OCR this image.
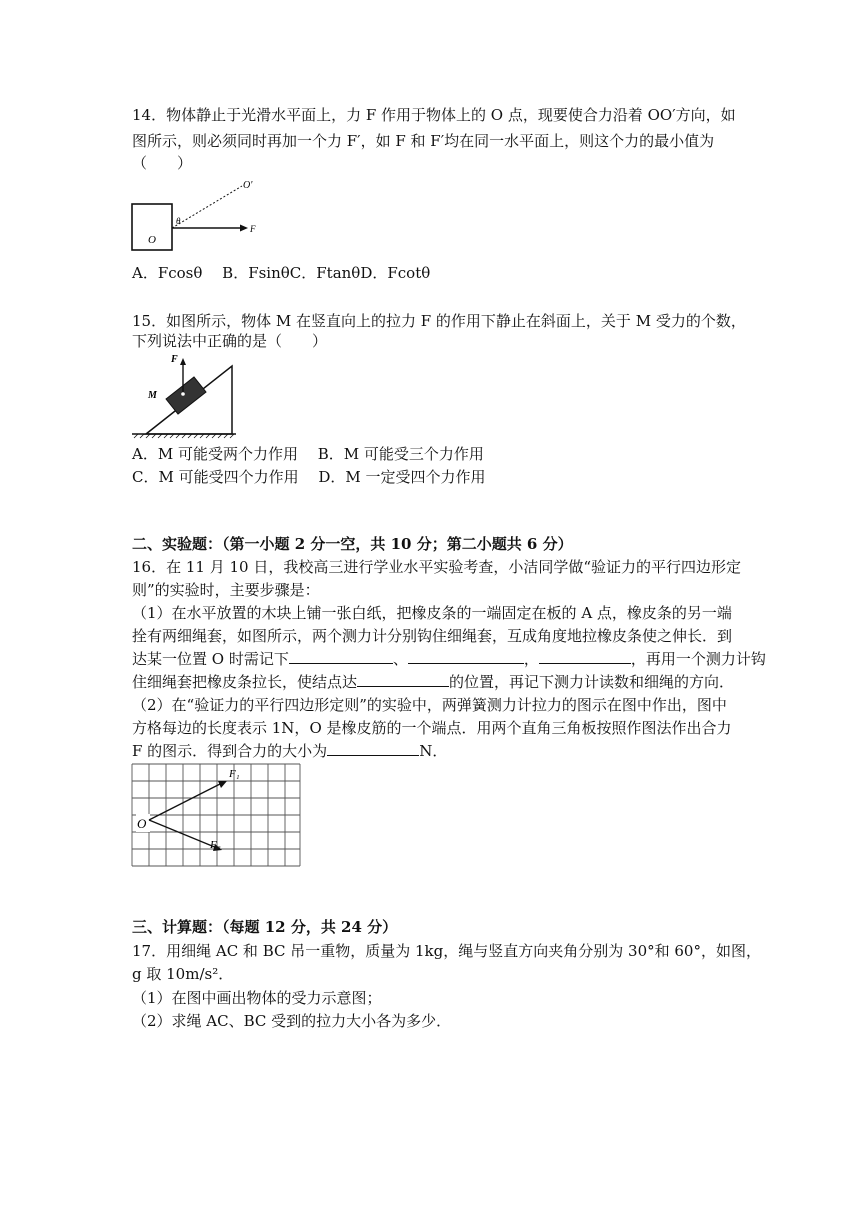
14．物体静止于光滑水平面上，力 F 作用于物体上的 O 点，现要使合力沿着 OO′方向，如
图所示，则必须同时再加一个力 F′，如 F 和 F′均在同一水平面上，则这个力的最小值为
（　　）
O
O'
θ
F
A．Fcosθ　 B．FsinθC．FtanθD．Fcotθ
15．如图所示，物体 M 在竖直向上的拉力 F 的作用下静止在斜面上，关于 M 受力的个数，
下列说法中正确的是（　　）
F
M
A．M 可能受两个力作用　 B．M 可能受三个力作用
C．M 可能受四个力作用　 D．M 一定受四个力作用
二、实验题：（第一小题 2 分一空，共 10 分；第二小题共 6 分）
16．在 11 月 10 日，我校高三进行学业水平实验考查，小洁同学做“验证力的平行四边形定
则”的实验时，主要步骤是：
（1）在水平放置的木块上铺一张白纸，把橡皮条的一端固定在板的 A 点，橡皮条的另一端
拴有两细绳套，如图所示，两个测力计分别钩住细绳套，互成角度地拉橡皮条使之伸长．到
达某一位置 O 时需记下	、	，	，再用一个测力计钩
住细绳套把橡皮条拉长，使结点达	的位置，再记下测力计读数和细绳的方向．
（2）在“验证力的平行四边形定则”的实验中，两弹簧测力计拉力的图示在图中作出，图中
方格每边的长度表示 1N，O 是橡皮筋的一个端点．用两个直角三角板按照作图法作出合力
F 的图示．得到合力的大小为	N．
O
F₁
F₂
三、计算题：（每题 12 分，共 24 分）
17．用细绳 AC 和 BC 吊一重物，质量为 1kg，绳与竖直方向夹角分别为 30°和 60°，如图，
g 取 10m/s²．
（1）在图中画出物体的受力示意图；
（2）求绳 AC、BC 受到的拉力大小各为多少．
